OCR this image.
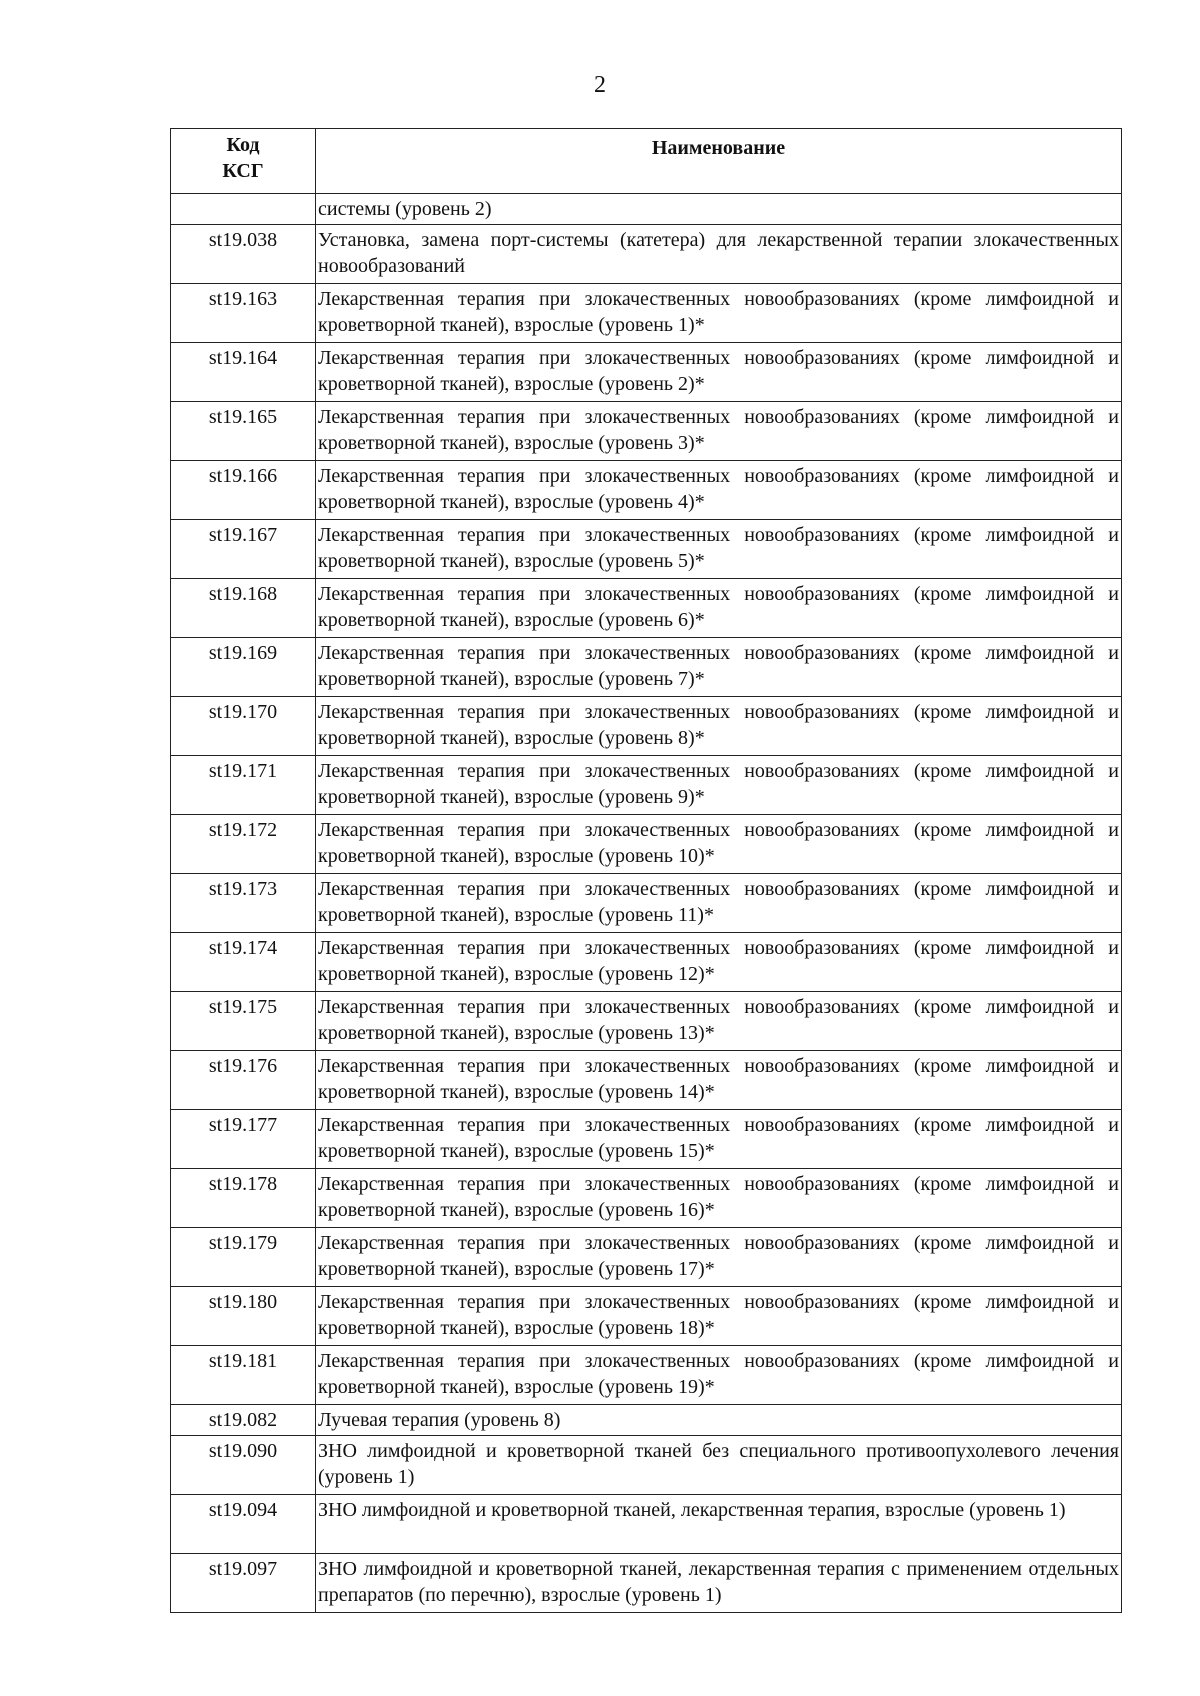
2
Код
КСГ	Наименование
	системы (уровень 2)
st19.038	Установка, замена порт-системы (катетера) для лекарственной терапии злокачественных новообразований
st19.163	Лекарственная терапия при злокачественных новообразованиях (кроме лимфоидной и кроветворной тканей), взрослые (уровень 1)*
st19.164	Лекарственная терапия при злокачественных новообразованиях (кроме лимфоидной и кроветворной тканей), взрослые (уровень 2)*
st19.165	Лекарственная терапия при злокачественных новообразованиях (кроме лимфоидной и кроветворной тканей), взрослые (уровень 3)*
st19.166	Лекарственная терапия при злокачественных новообразованиях (кроме лимфоидной и кроветворной тканей), взрослые (уровень 4)*
st19.167	Лекарственная терапия при злокачественных новообразованиях (кроме лимфоидной и кроветворной тканей), взрослые (уровень 5)*
st19.168	Лекарственная терапия при злокачественных новообразованиях (кроме лимфоидной и кроветворной тканей), взрослые (уровень 6)*
st19.169	Лекарственная терапия при злокачественных новообразованиях (кроме лимфоидной и кроветворной тканей), взрослые (уровень 7)*
st19.170	Лекарственная терапия при злокачественных новообразованиях (кроме лимфоидной и кроветворной тканей), взрослые (уровень 8)*
st19.171	Лекарственная терапия при злокачественных новообразованиях (кроме лимфоидной и кроветворной тканей), взрослые (уровень 9)*
st19.172	Лекарственная терапия при злокачественных новообразованиях (кроме лимфоидной и кроветворной тканей), взрослые (уровень 10)*
st19.173	Лекарственная терапия при злокачественных новообразованиях (кроме лимфоидной и кроветворной тканей), взрослые (уровень 11)*
st19.174	Лекарственная терапия при злокачественных новообразованиях (кроме лимфоидной и кроветворной тканей), взрослые (уровень 12)*
st19.175	Лекарственная терапия при злокачественных новообразованиях (кроме лимфоидной и кроветворной тканей), взрослые (уровень 13)*
st19.176	Лекарственная терапия при злокачественных новообразованиях (кроме лимфоидной и кроветворной тканей), взрослые (уровень 14)*
st19.177	Лекарственная терапия при злокачественных новообразованиях (кроме лимфоидной и кроветворной тканей), взрослые (уровень 15)*
st19.178	Лекарственная терапия при злокачественных новообразованиях (кроме лимфоидной и кроветворной тканей), взрослые (уровень 16)*
st19.179	Лекарственная терапия при злокачественных новообразованиях (кроме лимфоидной и кроветворной тканей), взрослые (уровень 17)*
st19.180	Лекарственная терапия при злокачественных новообразованиях (кроме лимфоидной и кроветворной тканей), взрослые (уровень 18)*
st19.181	Лекарственная терапия при злокачественных новообразованиях (кроме лимфоидной и кроветворной тканей), взрослые (уровень 19)*
st19.082	Лучевая терапия (уровень 8)
st19.090	ЗНО лимфоидной и кроветворной тканей без специального противоопухолевого лечения (уровень 1)
st19.094	ЗНО лимфоидной и кроветворной тканей, лекарственная терапия, взрослые (уровень 1)
st19.097	ЗНО лимфоидной и кроветворной тканей, лекарственная терапия с применением отдельных препаратов (по перечню), взрослые (уровень 1)
